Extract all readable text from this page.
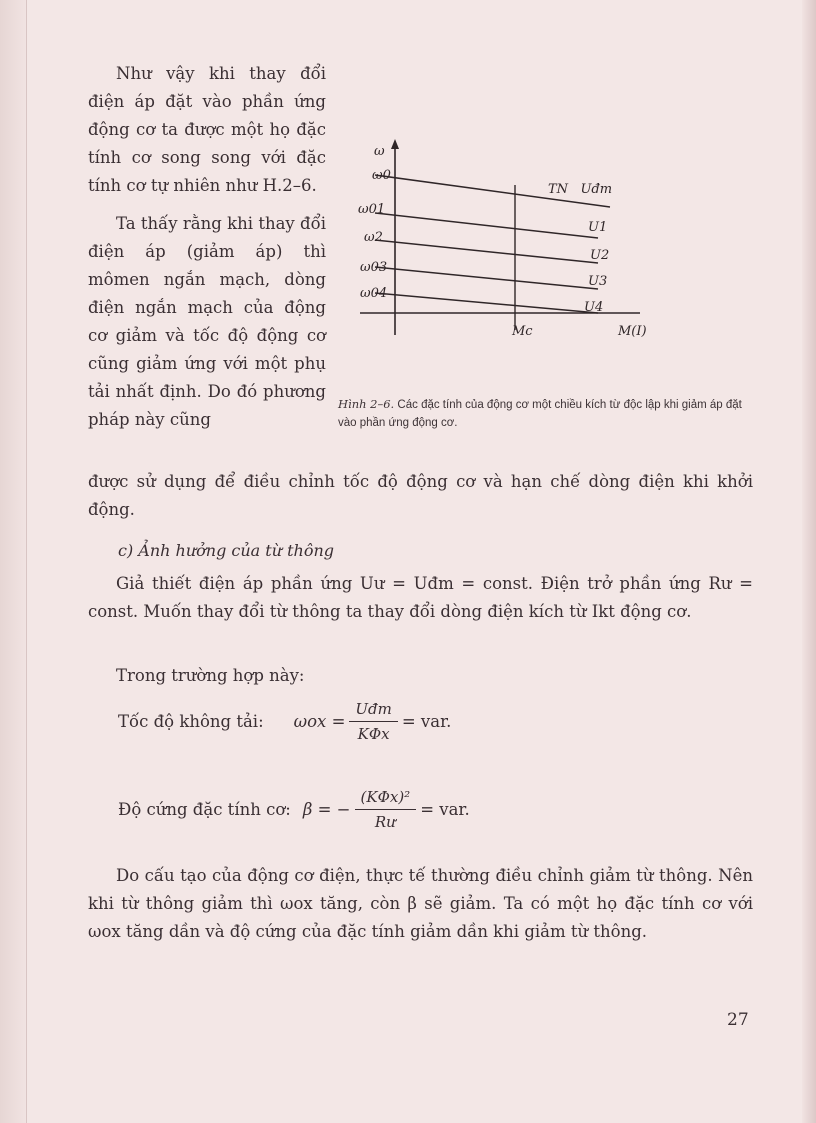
Như vậy khi thay đổi điện áp đặt vào phần ứng động cơ ta được một họ đặc tính cơ song song với đặc tính cơ tự nhiên như H.2–6.

Ta thấy rằng khi thay đổi điện áp (giảm áp) thì mômen ngắn mạch, dòng điện ngắn mạch của động cơ giảm và tốc độ động cơ cũng giảm ứng với một phụ tải nhất định. Do đó phương pháp này cũng

được sử dụng để điều chỉnh tốc độ động cơ và hạn chế dòng điện khi khởi động.

ω
ω0
ω01
ω2
ω03
ω04
TN   Uđm
U1
U2
U3
U4
Mc	M(I)
Hình 2–6. Các đặc tính của động cơ một chiều kích từ độc lập khi giảm áp đặt vào phần ứng động cơ.
c) Ảnh hưởng của từ thông

Giả thiết điện áp phần ứng Uư = Uđm = const. Điện trở phần ứng Rư = const. Muốn thay đổi từ thông ta thay đổi dòng điện kích từ Ikt động cơ.

Trong trường hợp này:

Tốc độ không tải: $\omega ox = \frac{\text{Uđm}}{\text{KΦx}}$ = var.
Độ cứng đặc tính cơ: β = − $\frac{\text{(KΦx)²}}{Rư}$ = var.

Do cấu tạo của động cơ điện, thực tế thường điều chỉnh giảm từ thông. Nên khi từ thông giảm thì ωox tăng, còn β sẽ giảm. Ta có một họ đặc tính cơ với ωox tăng dần và độ cứng của đặc tính giảm dần khi giảm từ thông.

27
